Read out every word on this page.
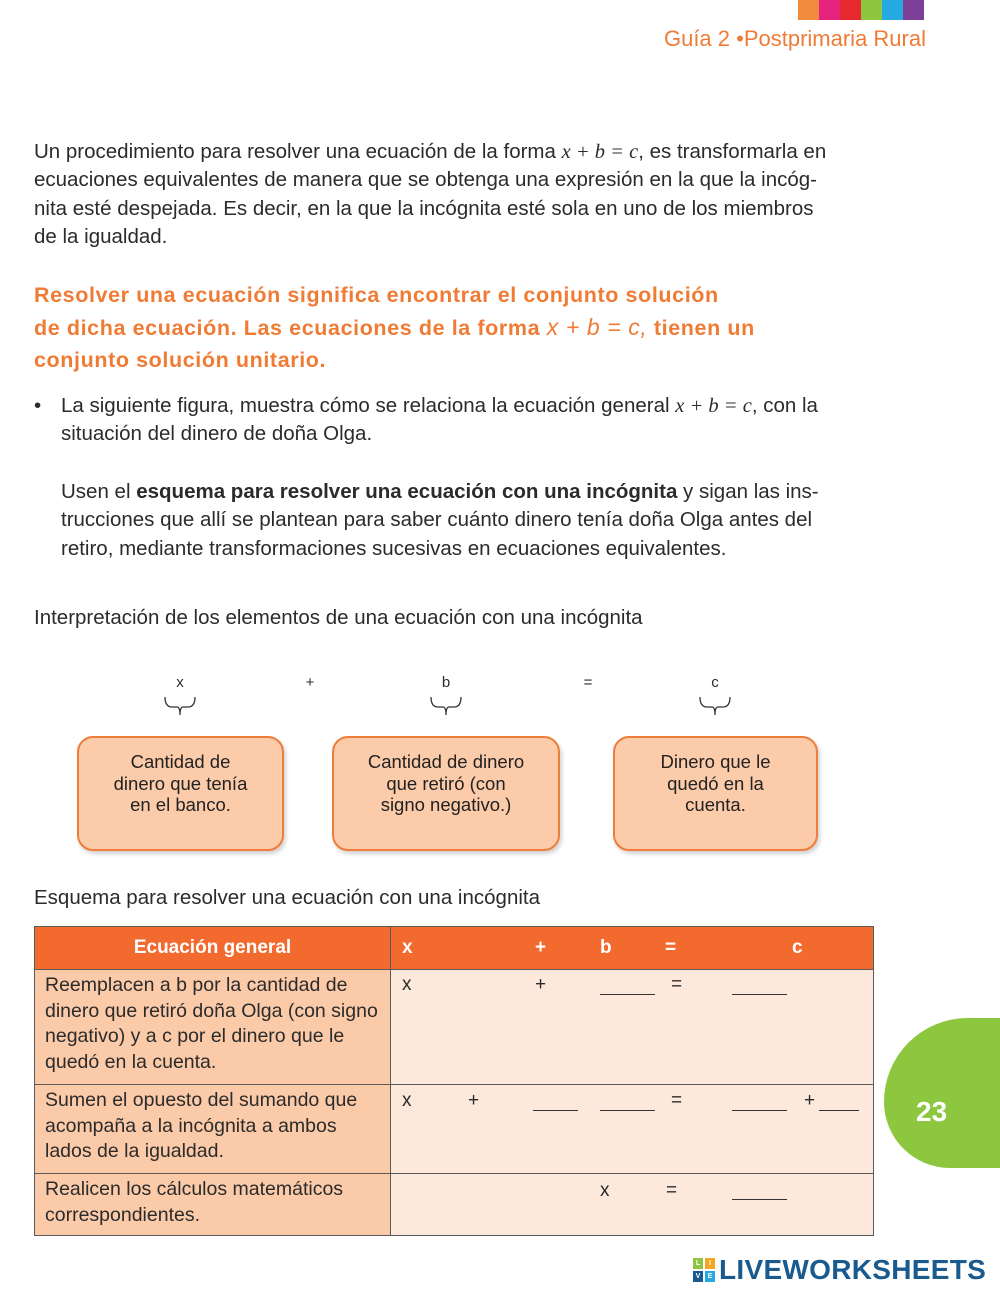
Guía 2 •Postprimaria Rural
Un procedimiento para resolver una ecuación de la forma x + b = c, es transformarla en
ecuaciones equivalentes de manera que se obtenga una expresión en la que la incóg-
nita esté despejada. Es decir, en la que la incógnita esté sola en uno de los miembros
de la igualdad.
Resolver una ecuación significa encontrar el conjunto solución
de dicha ecuación. Las ecuaciones de la forma x + b = c, tienen un
conjunto solución unitario.
• La siguiente figura, muestra cómo se relaciona la ecuación general x + b = c, con la
situación del dinero de doña Olga.
Usen el esquema para resolver una ecuación con una incógnita y sigan las ins-
trucciones que allí se plantean para saber cuánto dinero tenía doña Olga antes del
retiro, mediante transformaciones sucesivas en ecuaciones equivalentes.
Interpretación de los elementos de una ecuación con una incógnita
x	+	b	=	c
Cantidad de
dinero que tenía
en el banco.
Cantidad de dinero
que retiró (con
signo negativo.)
Dinero que le
quedó en la
cuenta.
Esquema para resolver una ecuación con una incógnita
Ecuación general	x + b = c

Reemplacen a b por la cantidad de dinero que retiró doña Olga (con signo negativo) y a c por el dinero que le quedó en la cuenta.	x + =

Sumen el opuesto del sumando que acompaña a la incógnita a ambos lados de la igualdad.	x + = +

Realicen los cálculos matemáticos correspondientes.	x =
23
L	I
V	E LIVEWORKSHEETS
